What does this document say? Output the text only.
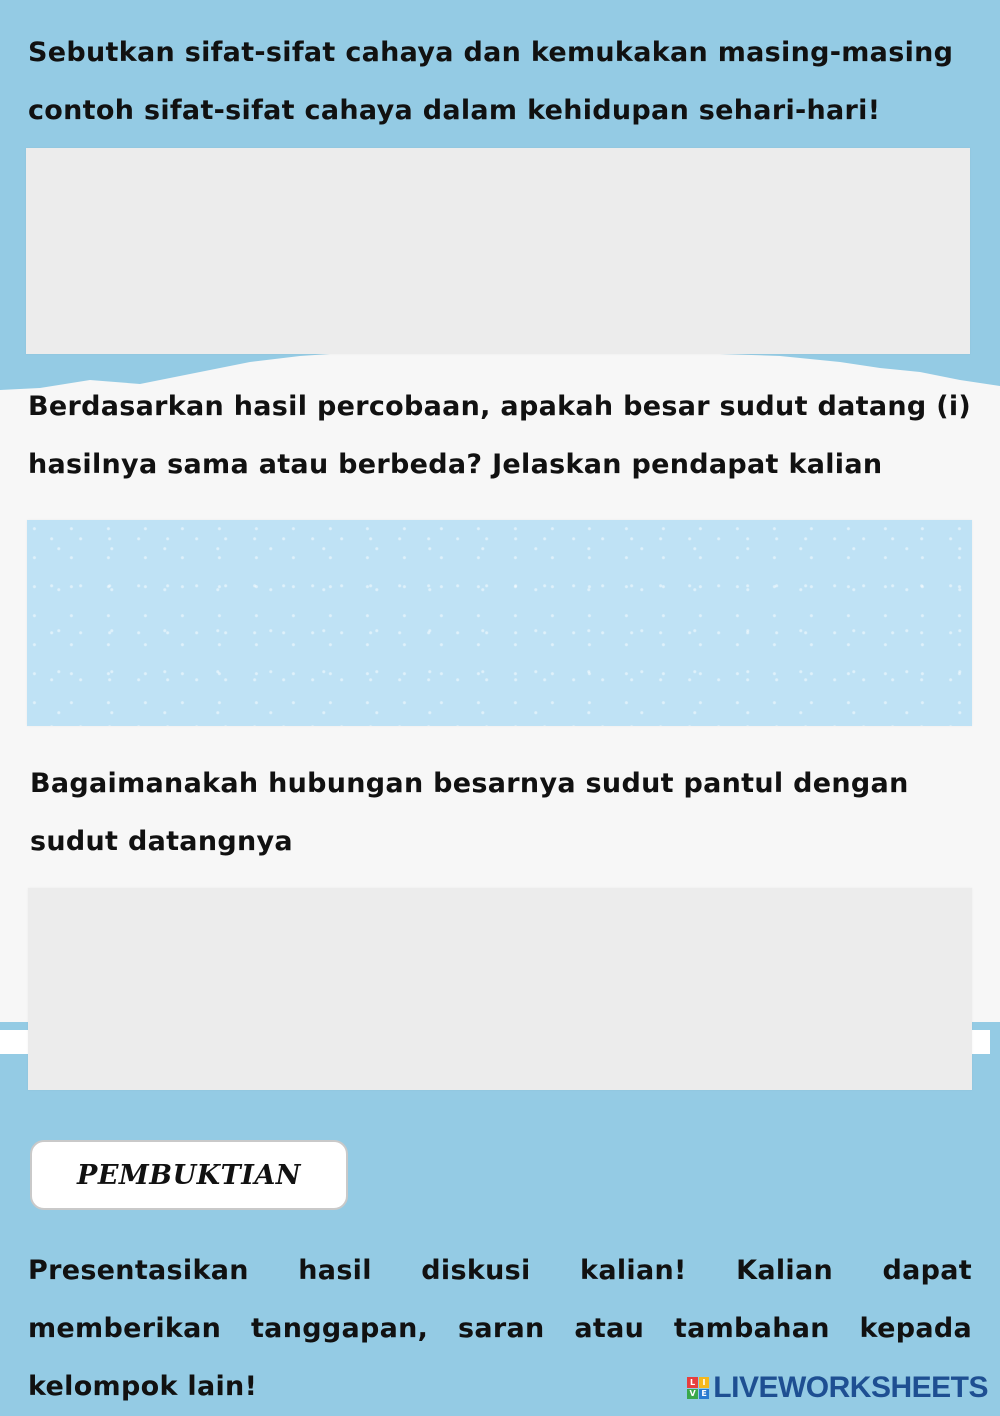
Sebutkan sifat-sifat cahaya dan kemukakan masing-masing contoh sifat-sifat cahaya dalam kehidupan sehari-hari!

Berdasarkan hasil percobaan, apakah besar sudut datang (i) hasilnya sama atau berbeda? Jelaskan pendapat kalian

Bagaimanakah hubungan besarnya sudut pantul dengan sudut datangnya

PEMBUKTIAN

Presentasikan hasil diskusi kalian! Kalian dapat memberikan tanggapan, saran atau tambahan kepada kelompok lain!	L I
V E LIVEWORKSHEETS
